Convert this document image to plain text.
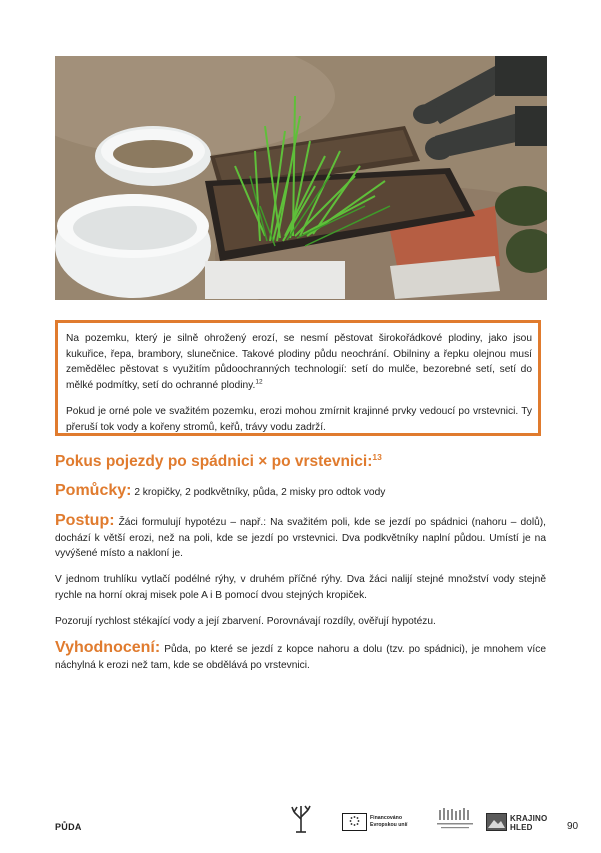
Na pozemku, který je silně ohrožený erozí, se nesmí pěstovat širokořádkové plodiny, jako jsou kukuřice, řepa, brambory, slunečnice. Takové plodiny půdu neochrání. Obilniny a řepku olejnou musí zemědělec pěstovat s využitím půdoochranných technologií: setí do mulče, bezorebné setí, setí do mělké podmítky, setí do ochranné plodiny.$^{12}$

Pokud je orné pole ve svažitém pozemku, erozi mohou zmírnit krajinné prvky vedoucí po vrstevnici. Ty přeruší tok vody a kořeny stromů, keřů, trávy vodu zadrží.

Pokus pojezdy po spádnici × po vrstevnici:$^{13}$

Pomůcky: 2 kropičky, 2 podkvětníky, půda, 2 misky pro odtok vody

Postup: Žáci formulují hypotézu – např.: Na svažitém poli, kde se jezdí po spádnici (nahoru – dolů), dochází k větší erozi, než na poli, kde se jezdí po vrstevnici. Dva podkvětníky naplní půdou. Umístí je na vyvýšené místo a nakloní je.

V jednom truhlíku vytlačí podélné rýhy, v druhém příčné rýhy. Dva žáci nalijí stejné množství vody stejně rychle na horní okraj misek pole A i B pomocí dvou stejných kropiček.
Pozorují rychlost stékající vody a její zbarvení. Porovnávají rozdíly, ověřují hypotézu.

Vyhodnocení: Půda, po které se jezdí z kopce nahoru a dolu (tzv. po spádnici), je mnohem více náchylná k erozi než tam, kde se obdělává po vrstevnici.

PŮDA
Financováno
Evropskou unií
KRAJINO
HLED	90
